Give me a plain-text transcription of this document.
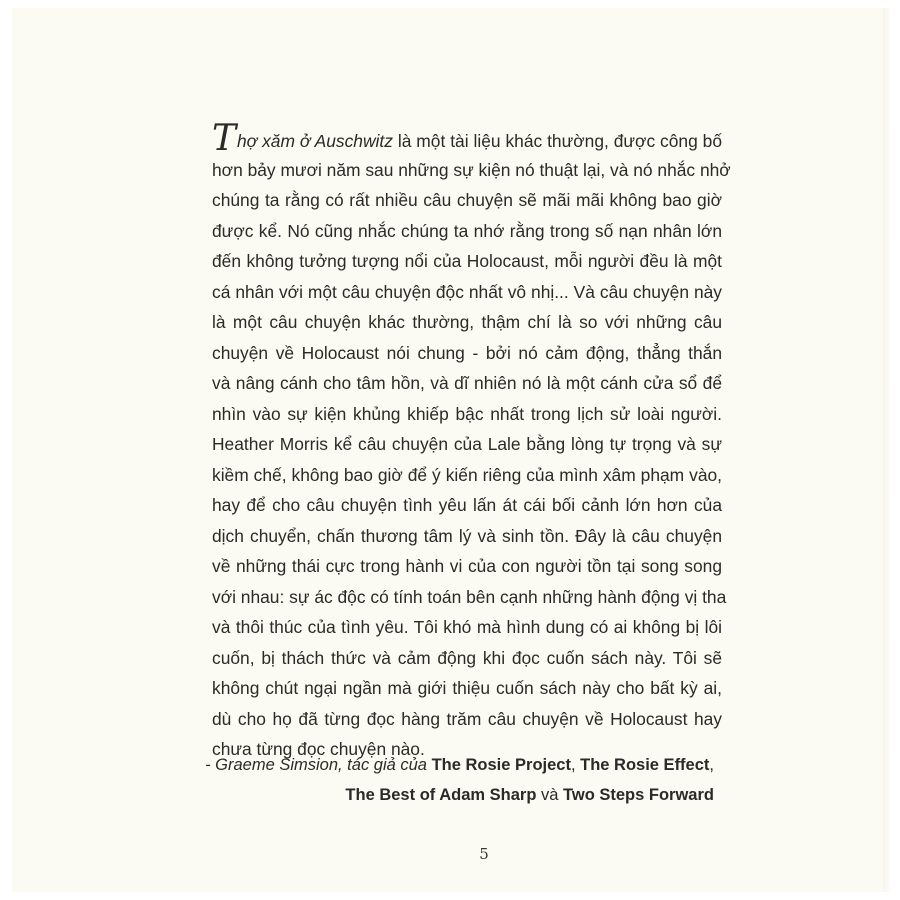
Thợ xăm ở Auschwitz là một tài liệu khác thường, được công bố
hơn bảy mươi năm sau những sự kiện nó thuật lại, và nó nhắc nhở
chúng ta rằng có rất nhiều câu chuyện sẽ mãi mãi không bao giờ
được kể. Nó cũng nhắc chúng ta nhớ rằng trong số nạn nhân lớn
đến không tưởng tượng nổi của Holocaust, mỗi người đều là một
cá nhân với một câu chuyện độc nhất vô nhị... Và câu chuyện này
là một câu chuyện khác thường, thậm chí là so với những câu
chuyện về Holocaust nói chung - bởi nó cảm động, thẳng thắn
và nâng cánh cho tâm hồn, và dĩ nhiên nó là một cánh cửa sổ để
nhìn vào sự kiện khủng khiếp bậc nhất trong lịch sử loài người.
Heather Morris kể câu chuyện của Lale bằng lòng tự trọng và sự
kiềm chế, không bao giờ để ý kiến riêng của mình xâm phạm vào,
hay để cho câu chuyện tình yêu lấn át cái bối cảnh lớn hơn của
dịch chuyển, chấn thương tâm lý và sinh tồn. Đây là câu chuyện
về những thái cực trong hành vi của con người tồn tại song song
với nhau: sự ác độc có tính toán bên cạnh những hành động vị tha
và thôi thúc của tình yêu. Tôi khó mà hình dung có ai không bị lôi
cuốn, bị thách thức và cảm động khi đọc cuốn sách này. Tôi sẽ
không chút ngại ngần mà giới thiệu cuốn sách này cho bất kỳ ai,
dù cho họ đã từng đọc hàng trăm câu chuyện về Holocaust hay
chưa từng đọc chuyện nào.
- Graeme Simsion, tác giả của The Rosie Project, The Rosie Effect,
The Best of Adam Sharp và Two Steps Forward
5
